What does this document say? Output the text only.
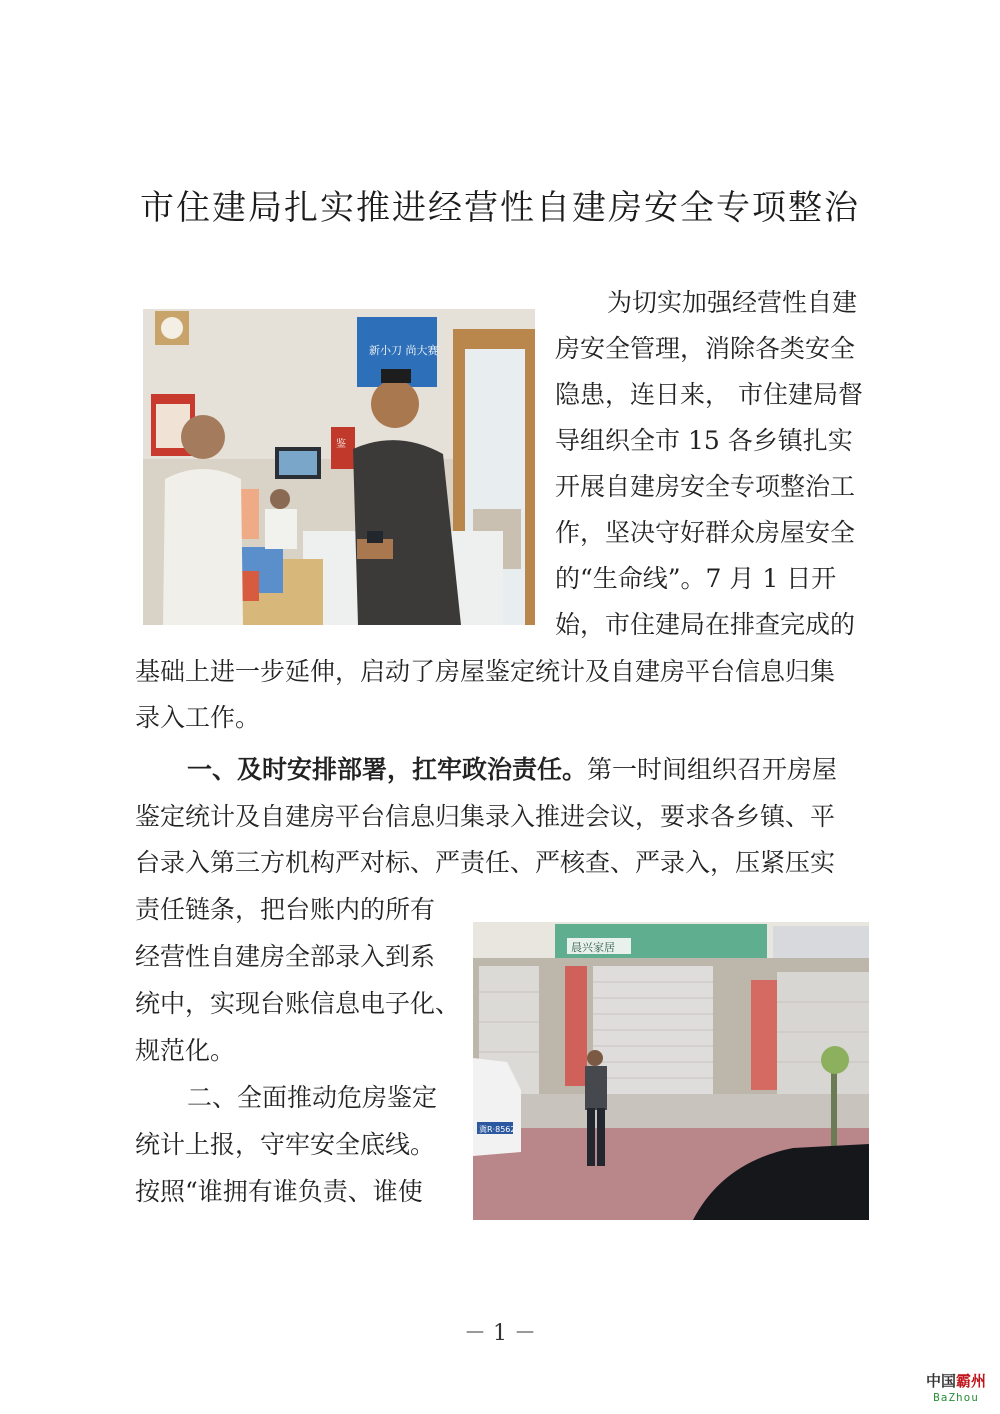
市住建局扎实推进经营性自建房安全专项整治
新小刀 尚大赛
鉴
为切实加强经营性自建
房安全管理，消除各类安全
隐患，连日来， 市住建局督
导组织全市 15 各乡镇扎实
开展自建房安全专项整治工
作，坚决守好群众房屋安全
的“生命线”。7 月 1 日开
始，市住建局在排查完成的
基础上进一步延伸，启动了房屋鉴定统计及自建房平台信息归集
录入工作。
一、及时安排部署，扛牢政治责任。 第一时间组织召开房屋
鉴定统计及自建房平台信息归集录入推进会议，要求各乡镇、平
台录入第三方机构严对标、严责任、严核查、严录入，压紧压实
责任链条，把台账内的所有
经营性自建房全部录入到系
统中，实现台账信息电子化、
规范化。
二、全面推动危房鉴定
统计上报，守牢安全底线。
按照“谁拥有谁负责、谁使
晨兴家居
冀R·8562
－ 1 －
中国霸州
BaZhou
